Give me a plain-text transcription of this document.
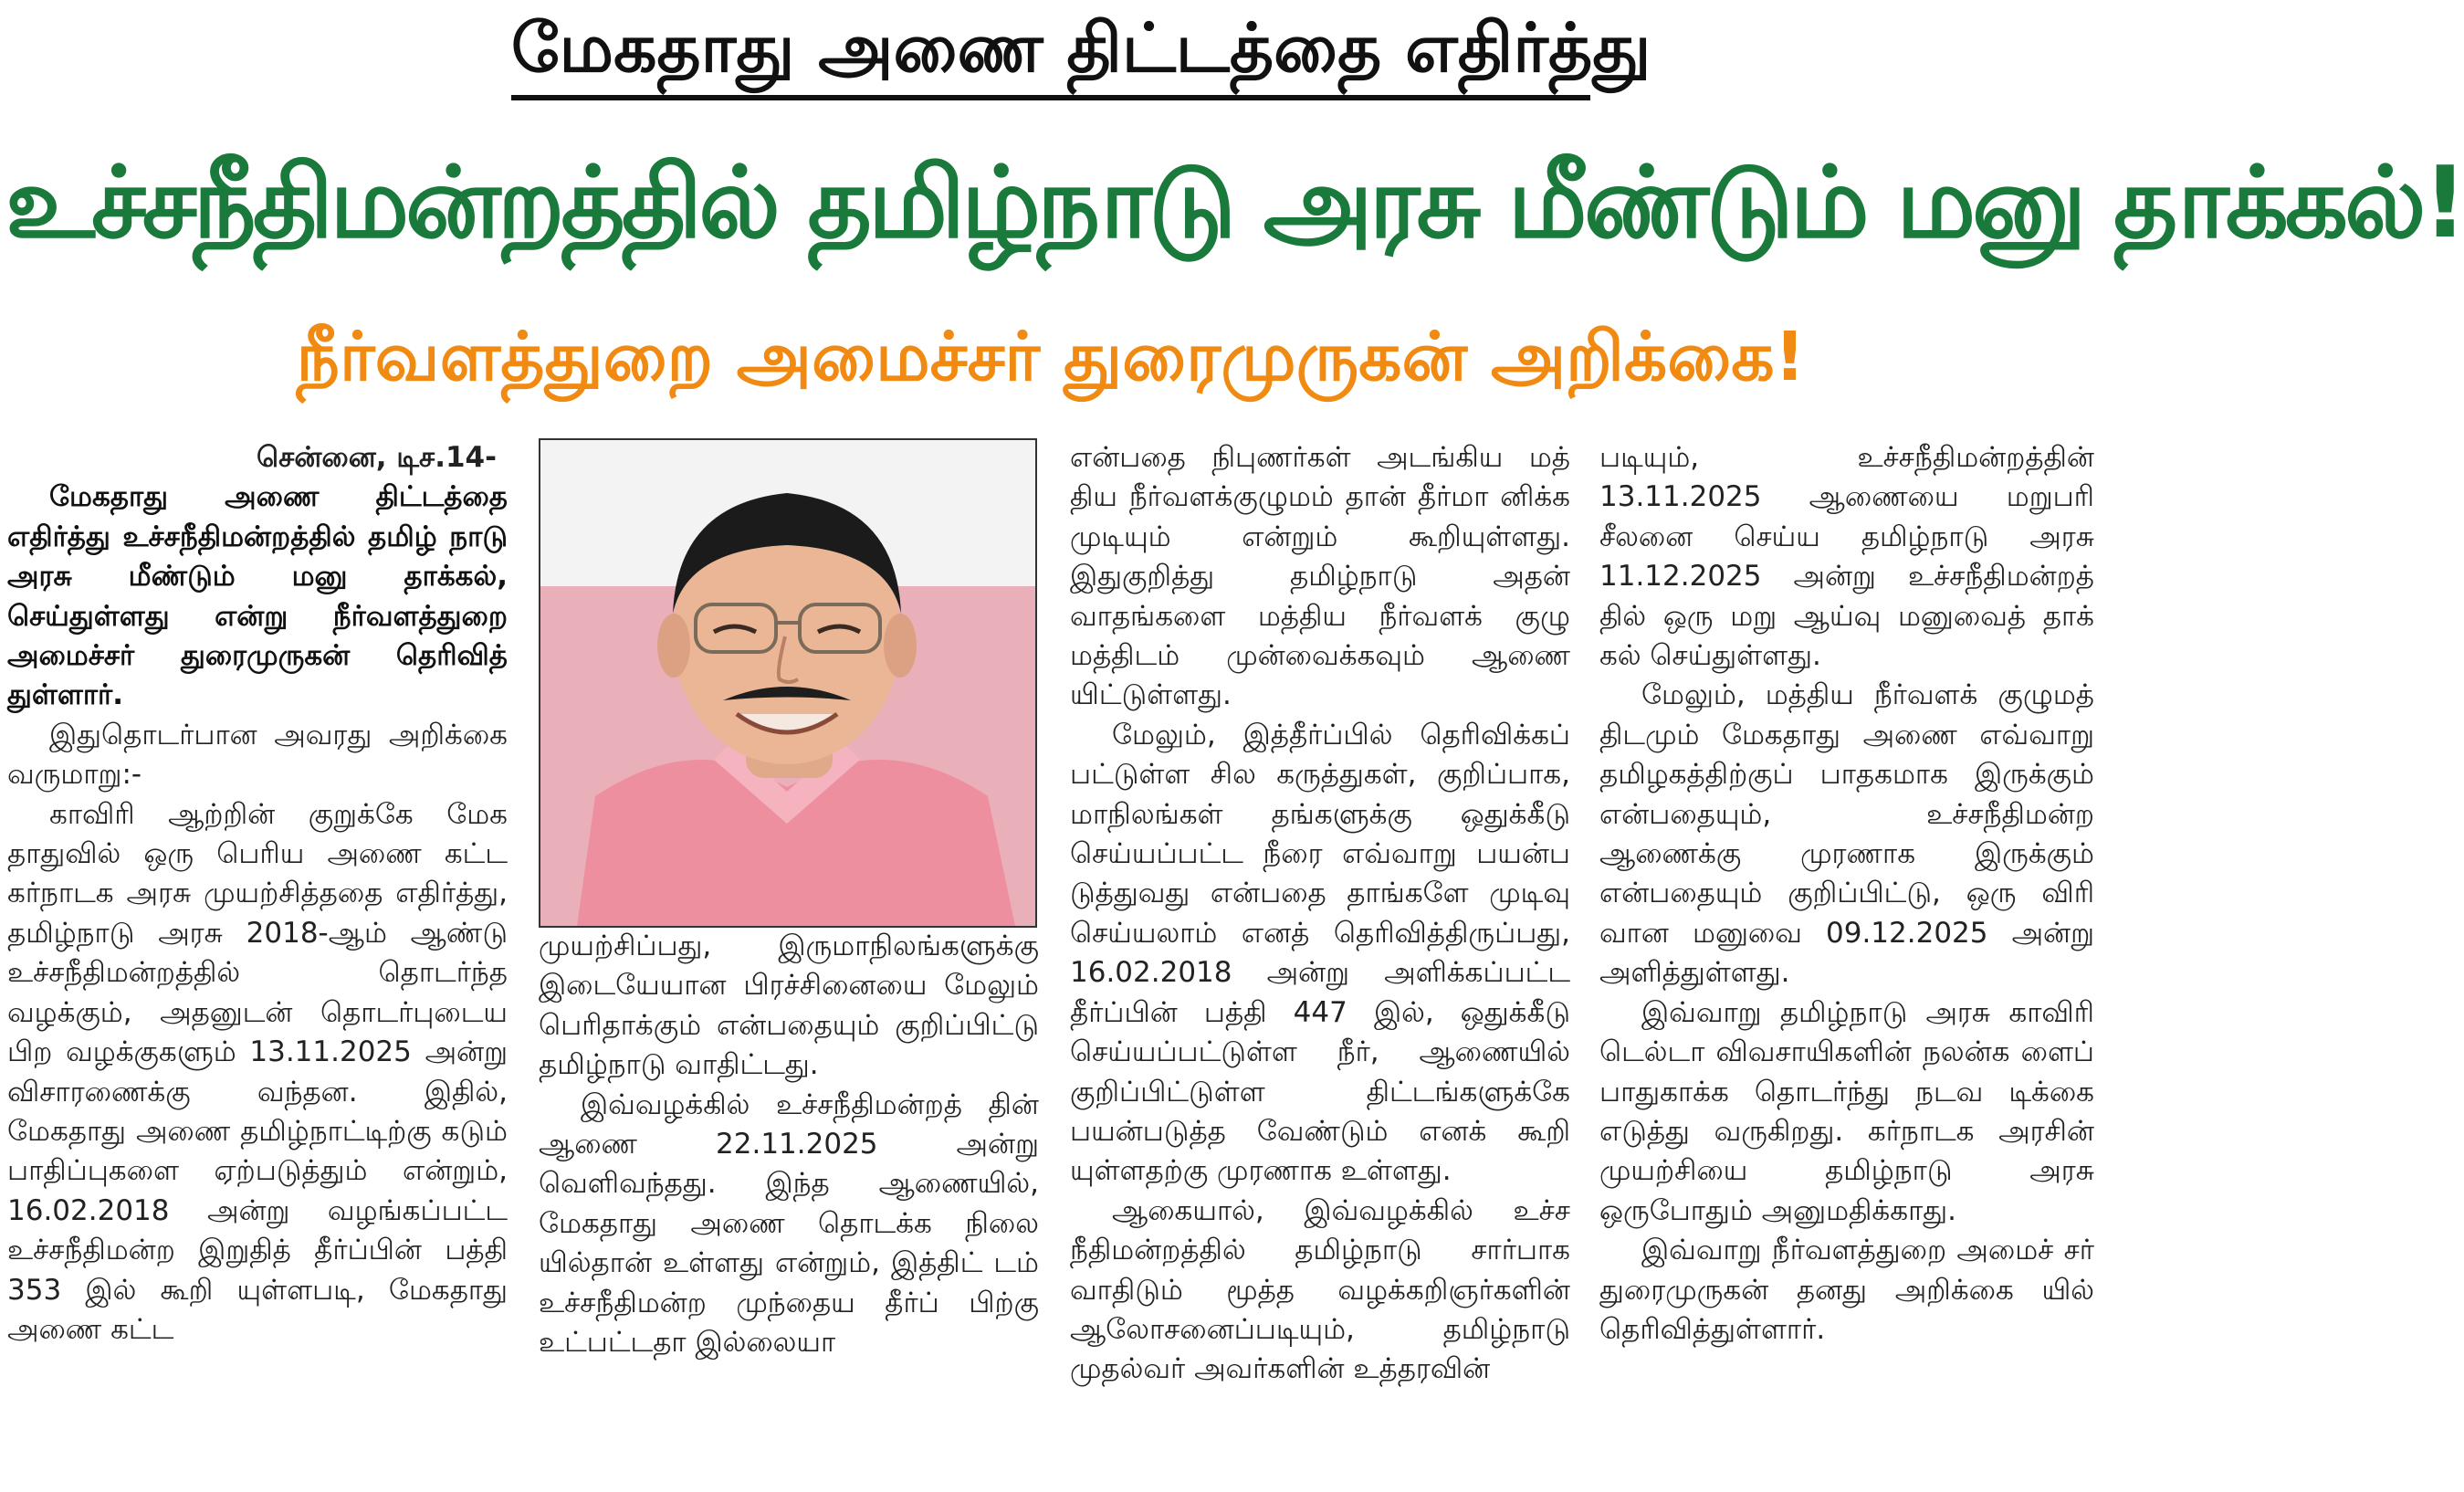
மேகதாது அணை திட்டத்தை எதிர்த்து
உச்சநீதிமன்றத்தில் தமிழ்நாடு அரசு மீண்டும் மனு தாக்கல்!
நீர்வளத்துறை அமைச்சர் துரைமுருகன் அறிக்கை!

சென்னை, டிச.14-

மேகதாது அணை திட்டத்தை எதிர்த்து உச்சநீதிமன்றத்தில் தமிழ் நாடு அரசு மீண்டும் மனு தாக்கல், செய்துள்ளது என்று நீர்வளத்துறை அமைச்சர் துரைமுருகன் தெரிவித் துள்ளார்.

இதுதொடர்பான அவரது அறிக்கை வருமாறு:-

காவிரி ஆற்றின் குறுக்கே மேக தாதுவில் ஒரு பெரிய அணை கட்ட கர்நாடக அரசு முயற்சித்ததை எதிர்த்து, தமிழ்நாடு அரசு 2018-ஆம் ஆண்டு உச்சநீதிமன்றத்தில் தொடர்ந்த வழக்கும், அதனுடன் தொடர்புடைய பிற வழக்குகளும் 13.11.2025 அன்று விசாரணைக்கு வந்தன. இதில், மேகதாது அணை தமிழ்நாட்டிற்கு கடும் பாதிப்புகளை ஏற்படுத்தும் என்றும், 16.02.2018 அன்று வழங்கப்பட்ட உச்சநீதிமன்ற இறுதித் தீர்ப்பின் பத்தி 353 இல் கூறி யுள்ளபடி, மேகதாது அணை கட்ட

முயற்சிப்பது, இருமாநிலங்களுக்கு இடையேயான பிரச்சினையை மேலும் பெரிதாக்கும் என்பதையும் குறிப்பிட்டு தமிழ்நாடு வாதிட்டது.

இவ்வழக்கில் உச்சநீதிமன்றத் தின் ஆணை 22.11.2025 அன்று வெளிவந்தது. இந்த ஆணையில், மேகதாது அணை தொடக்க நிலை யில்தான் உள்ளது என்றும், இத்திட் டம் உச்சநீதிமன்ற முந்தைய தீர்ப் பிற்கு உட்பட்டதா இல்லையா

என்பதை நிபுணர்கள் அடங்கிய மத் திய நீர்வளக்குழுமம் தான் தீர்மா னிக்க முடியும் என்றும் கூறியுள்ளது. இதுகுறித்து தமிழ்நாடு அதன் வாதங்களை மத்திய நீர்வளக் குழு மத்திடம் முன்வைக்கவும் ஆணை யிட்டுள்ளது.

மேலும், இத்தீர்ப்பில் தெரிவிக்கப் பட்டுள்ள சில கருத்துகள், குறிப்பாக, மாநிலங்கள் தங்களுக்கு ஒதுக்கீடு செய்யப்பட்ட நீரை எவ்வாறு பயன்ப டுத்துவது என்பதை தாங்களே முடிவு செய்யலாம் எனத் தெரிவித்திருப்பது, 16.02.2018 அன்று அளிக்கப்பட்ட தீர்ப்பின் பத்தி 447 இல், ஒதுக்கீடு செய்யப்பட்டுள்ள நீர், ஆணையில் குறிப்பிட்டுள்ள திட்டங்களுக்கே பயன்படுத்த வேண்டும் எனக் கூறி யுள்ளதற்கு முரணாக உள்ளது.

ஆகையால், இவ்வழக்கில் உச்ச நீதிமன்றத்தில் தமிழ்நாடு சார்பாக வாதிடும் மூத்த வழக்கறிஞர்களின் ஆலோசனைப்படியும், தமிழ்நாடு முதல்வர் அவர்களின் உத்தரவின்

படியும், உச்சநீதிமன்றத்தின் 13.11.2025 ஆணையை மறுபரி சீலனை செய்ய தமிழ்நாடு அரசு 11.12.2025 அன்று உச்சநீதிமன்றத் தில் ஒரு மறு ஆய்வு மனுவைத் தாக் கல் செய்துள்ளது.

மேலும், மத்திய நீர்வளக் குழுமத் திடமும் மேகதாது அணை எவ்வாறு தமிழகத்திற்குப் பாதகமாக இருக்கும் என்பதையும், உச்சநீதிமன்ற ஆணைக்கு முரணாக இருக்கும் என்பதையும் குறிப்பிட்டு, ஒரு விரி வான மனுவை 09.12.2025 அன்று அளித்துள்ளது.

இவ்வாறு தமிழ்நாடு அரசு காவிரி டெல்டா விவசாயிகளின் நலன்க ளைப் பாதுகாக்க தொடர்ந்து நடவ டிக்கை எடுத்து வருகிறது. கர்நாடக அரசின் முயற்சியை தமிழ்நாடு அரசு ஒருபோதும் அனுமதிக்காது.

இவ்வாறு நீர்வளத்துறை அமைச் சர் துரைமுருகன் தனது அறிக்கை யில் தெரிவித்துள்ளார்.
